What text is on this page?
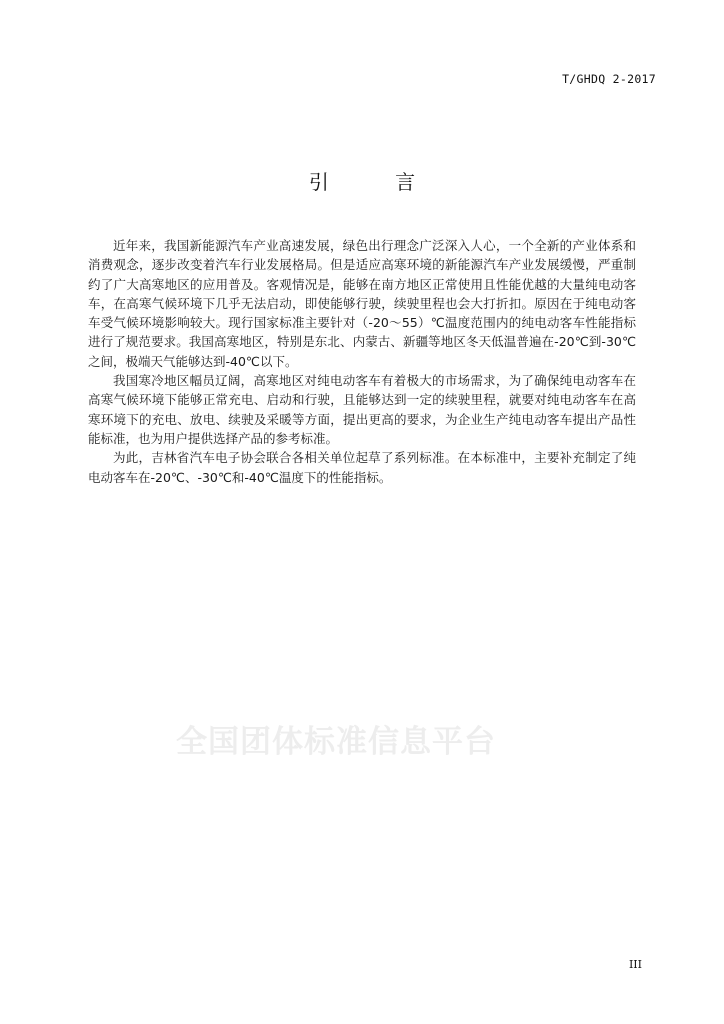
T/GHDQ 2-2017
引 言

近年来，我国新能源汽车产业高速发展，绿色出行理念广泛深入人心，一个全新的产业体系和消费观念，逐步改变着汽车行业发展格局。但是适应高寒环境的新能源汽车产业发展缓慢，严重制约了广大高寒地区的应用普及。客观情况是，能够在南方地区正常使用且性能优越的大量纯电动客车，在高寒气候环境下几乎无法启动，即使能够行驶，续驶里程也会大打折扣。原因在于纯电动客车受气候环境影响较大。现行国家标准主要针对（-20～55）℃温度范围内的纯电动客车性能指标进行了规范要求。我国高寒地区，特别是东北、内蒙古、新疆等地区冬天低温普遍在-20℃到-30℃之间，极端天气能够达到-40℃以下。

我国寒冷地区幅员辽阔，高寒地区对纯电动客车有着极大的市场需求，为了确保纯电动客车在高寒气候环境下能够正常充电、启动和行驶，且能够达到一定的续驶里程，就要对纯电动客车在高寒环境下的充电、放电、续驶及采暖等方面，提出更高的要求，为企业生产纯电动客车提出产品性能标准，也为用户提供选择产品的参考标准。

为此，吉林省汽车电子协会联合各相关单位起草了系列标准。在本标准中，主要补充制定了纯电动客车在-20℃、-30℃和-40℃温度下的性能指标。

全国团体标准信息平台
III
